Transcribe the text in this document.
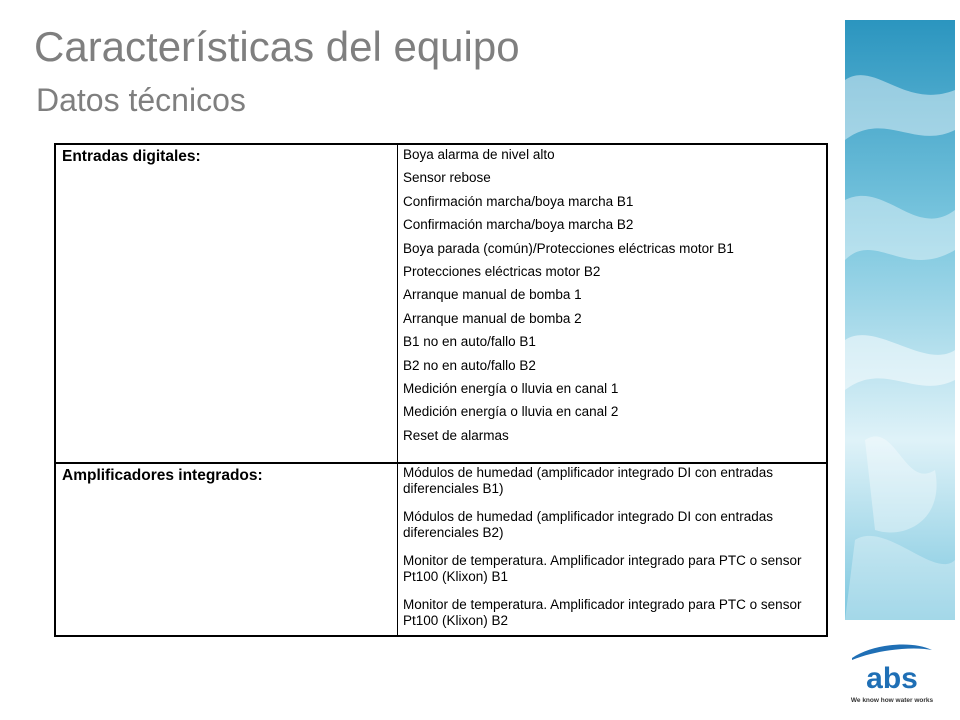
Características del equipo
Datos técnicos
Entradas digitales:	Boya alarma de nivel alto
Sensor rebose
Confirmación marcha/boya marcha B1
Confirmación marcha/boya marcha B2
Boya parada (común)/Protecciones eléctricas motor B1
Protecciones eléctricas motor B2
Arranque manual de bomba 1
Arranque manual de bomba 2
B1 no en auto/fallo B1
B2 no en auto/fallo B2
Medición energía o lluvia en canal 1
Medición energía o lluvia en canal 2
Reset de alarmas
Amplificadores integrados:	Módulos de humedad (amplificador integrado DI con entradas diferenciales B1)
Módulos de humedad (amplificador integrado DI con entradas diferenciales B2)
Monitor de temperatura. Amplificador integrado para PTC o sensor Pt100 (Klixon) B1
Monitor de temperatura. Amplificador integrado para PTC o sensor Pt100 (Klixon) B2
abs
We know how water works
